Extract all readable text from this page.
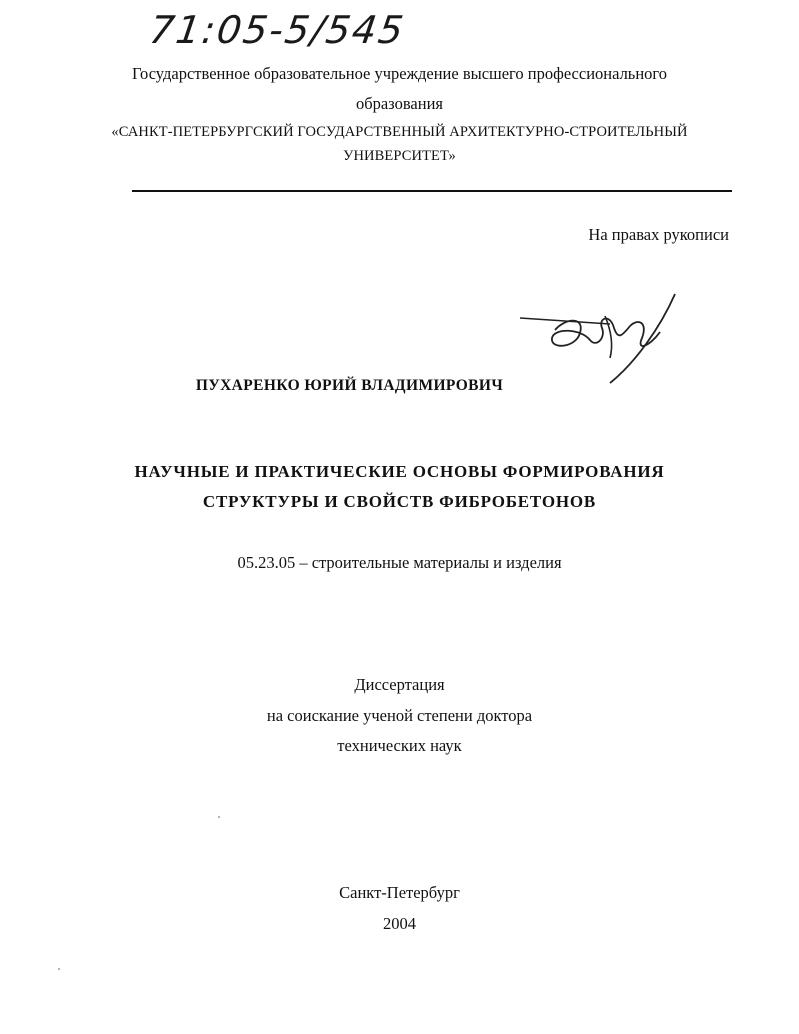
71:05-5/545
Государственное образовательное учреждение высшего профессионального
образования
«САНКТ-ПЕТЕРБУРГСКИЙ ГОСУДАРСТВЕННЫЙ АРХИТЕКТУРНО-СТРОИТЕЛЬНЫЙ
УНИВЕРСИТЕТ»
На правах рукописи
ПУХАРЕНКО ЮРИЙ ВЛАДИМИРОВИЧ
НАУЧНЫЕ И ПРАКТИЧЕСКИЕ ОСНОВЫ ФОРМИРОВАНИЯ
СТРУКТУРЫ И СВОЙСТВ ФИБРОБЕТОНОВ
05.23.05 – строительные материалы и изделия
Диссертация
на соискание ученой степени доктора
технических наук
Санкт-Петербург
2004
